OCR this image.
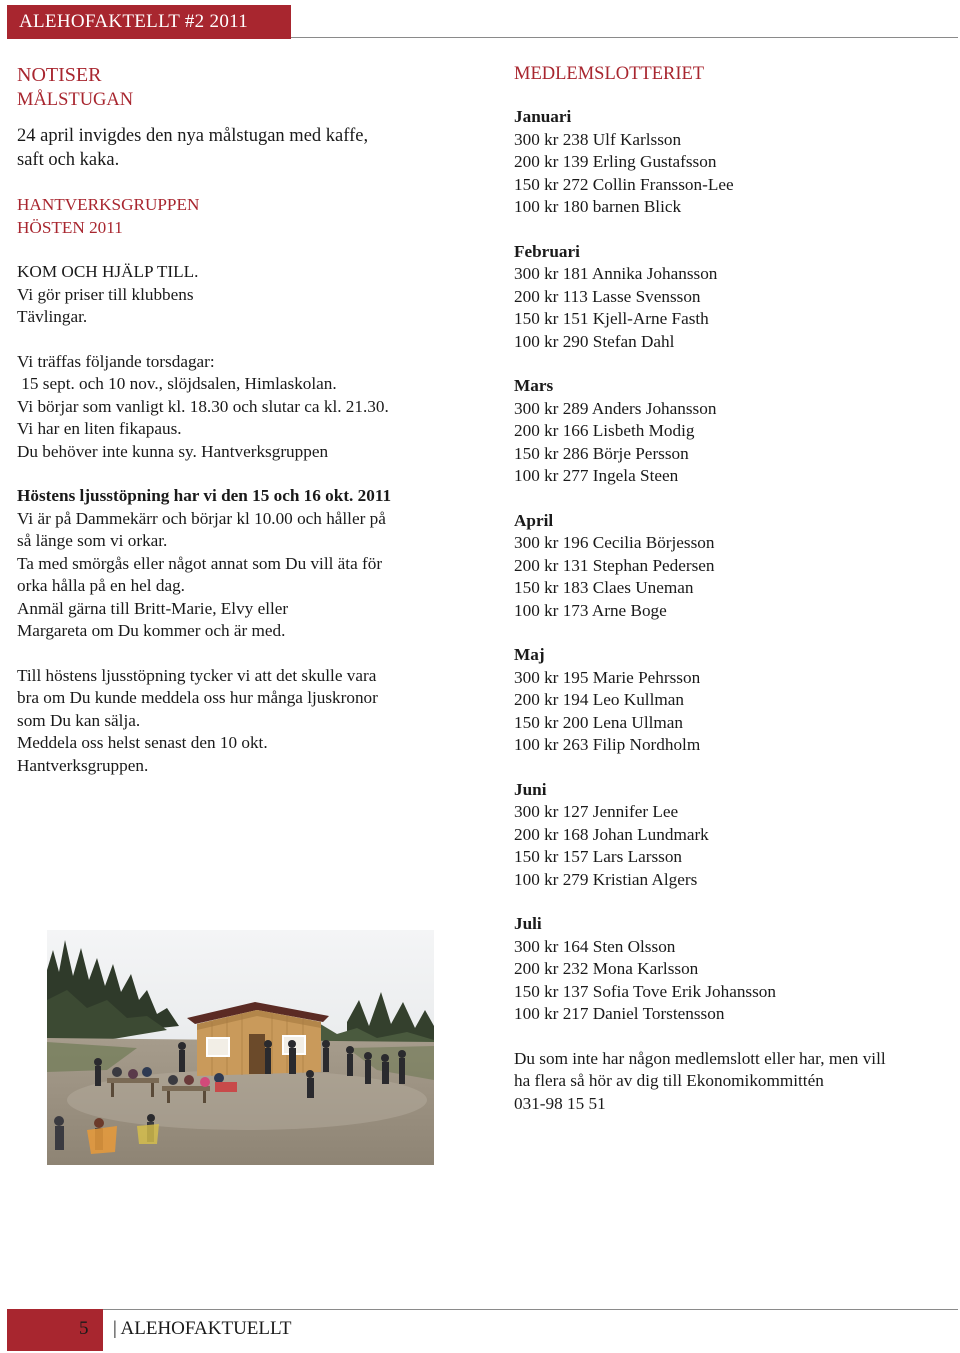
ALEHOFAKTELLT #2 2011

NOTISER

MÅLSTUGAN

24 april invigdes den nya målstugan med kaffe,

saft och kaka.

HANTVERKSGRUPPEN

HÖSTEN 2011

KOM OCH HJÄLP TILL.

Vi gör priser till klubbens

Tävlingar.

Vi träffas följande torsdagar:

15 sept. och 10 nov., slöjdsalen, Himlaskolan.

Vi börjar som vanligt kl. 18.30 och slutar ca kl. 21.30.

Vi har en liten fikapaus.

Du behöver inte kunna sy. Hantverksgruppen

Höstens ljusstöpning har vi den 15 och 16 okt. 2011

Vi är på Dammekärr och börjar kl 10.00 och håller på

så länge som vi orkar.

Ta med smörgås eller något annat som Du vill äta för

orka hålla på en hel dag.

Anmäl gärna till Britt-Marie, Elvy eller

Margareta om Du kommer och är med.

Till höstens ljusstöpning tycker vi att det skulle vara

bra om Du kunde meddela oss hur många ljuskronor

som Du kan sälja.

Meddela oss helst senast den 10 okt.

Hantverksgruppen.

MEDLEMSLOTTERIET

Januari

300 kr 238 Ulf Karlsson

200 kr 139 Erling Gustafsson

150 kr 272 Collin Fransson-Lee

100 kr 180 barnen Blick

Februari

300 kr 181 Annika Johansson

200 kr 113 Lasse Svensson

150 kr 151 Kjell-Arne Fasth

100 kr 290 Stefan Dahl

Mars

300 kr 289 Anders Johansson

200 kr 166 Lisbeth Modig

150 kr 286 Börje Persson

100 kr 277 Ingela Steen

April

300 kr 196 Cecilia Börjesson

200 kr 131 Stephan Pedersen

150 kr 183 Claes Uneman

100 kr 173 Arne Boge

Maj

300 kr 195 Marie Pehrsson

200 kr 194 Leo Kullman

150 kr 200 Lena Ullman

100 kr 263 Filip Nordholm

Juni

300 kr 127 Jennifer Lee

200 kr 168 Johan Lundmark

150 kr 157 Lars Larsson

100 kr 279 Kristian Algers

Juli

300 kr 164 Sten Olsson

200 kr 232 Mona Karlsson

150 kr 137 Sofia Tove Erik Johansson

100 kr 217 Daniel Torstensson

Du som inte har någon medlemslott eller har, men vill

ha flera så hör av dig till Ekonomikommittén

031-98 15 51

5 | ALEHOFAKTUELLT
